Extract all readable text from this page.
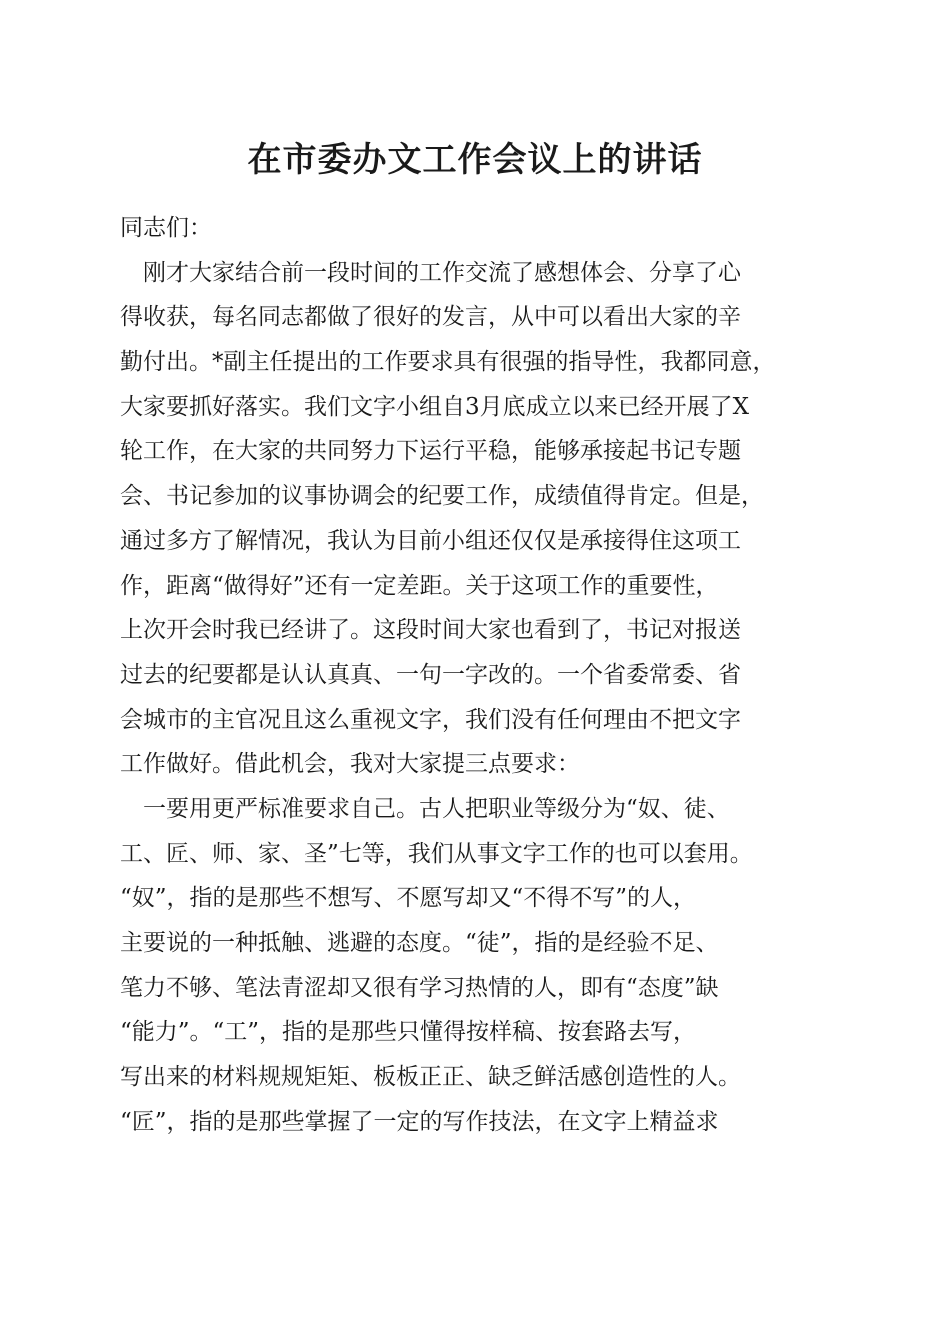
在市委办文工作会议上的讲话
同志们：
　刚才大家结合前一段时间的工作交流了感想体会、分享了心
得收获，每名同志都做了很好的发言，从中可以看出大家的辛
勤付出。*副主任提出的工作要求具有很强的指导性，我都同意，
大家要抓好落实。我们文字小组自3月底成立以来已经开展了X
轮工作，在大家的共同努力下运行平稳，能够承接起书记专题
会、书记参加的议事协调会的纪要工作，成绩值得肯定。但是，
通过多方了解情况，我认为目前小组还仅仅是承接得住这项工
作，距离“做得好”还有一定差距。关于这项工作的重要性，
上次开会时我已经讲了。这段时间大家也看到了，书记对报送
过去的纪要都是认认真真、一句一字改的。一个省委常委、省
会城市的主官况且这么重视文字，我们没有任何理由不把文字
工作做好。借此机会，我对大家提三点要求：
　一要用更严标准要求自己。古人把职业等级分为“奴、徒、
工、匠、师、家、圣”七等，我们从事文字工作的也可以套用。
“奴”，指的是那些不想写、不愿写却又“不得不写”的人，
主要说的一种抵触、逃避的态度。“徒”，指的是经验不足、
笔力不够、笔法青涩却又很有学习热情的人，即有“态度”缺
“能力”。“工”，指的是那些只懂得按样稿、按套路去写，
写出来的材料规规矩矩、板板正正、缺乏鲜活感创造性的人。
“匠”，指的是那些掌握了一定的写作技法，在文字上精益求
